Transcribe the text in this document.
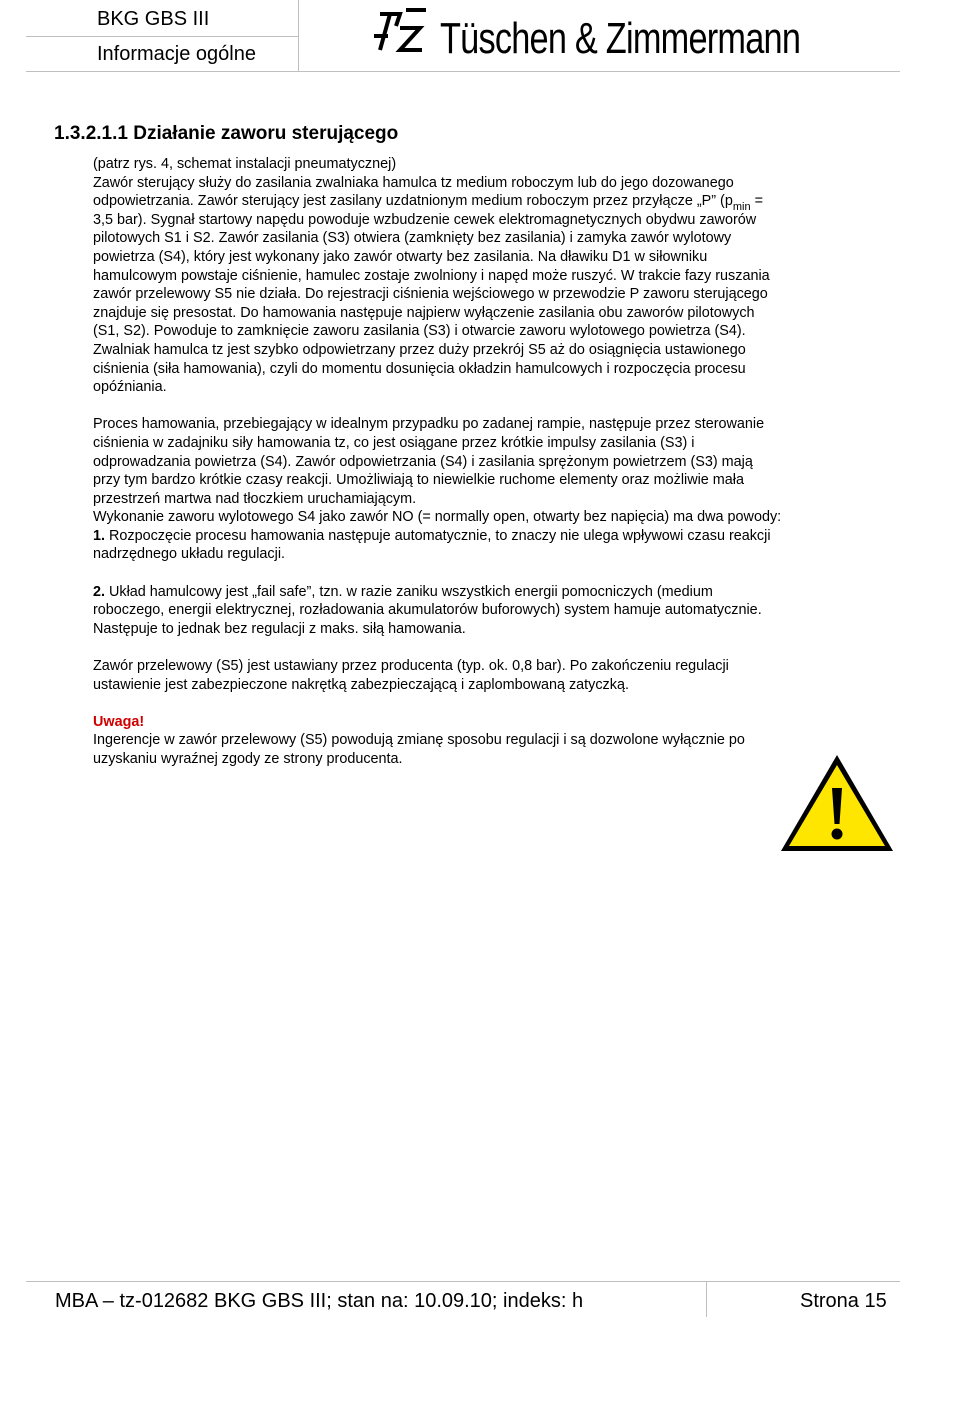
BKG GBS III
Informacje ogólne	Tüschen & Zimmermann
1.3.2.1.1 Działanie zaworu sterującego

(patrz rys. 4, schemat instalacji pneumatycznej)
Zawór sterujący służy do zasilania zwalniaka hamulca tz medium roboczym lub do jego dozowanego odpowietrzania. Zawór sterujący jest zasilany uzdatnionym medium roboczym przez przyłącze „P” ($p_{min} = 3,5$ bar). Sygnał startowy napędu powoduje wzbudzenie cewek elektromagnetycznych obydwu zaworów pilotowych S1 i S2. Zawór zasilania (S3) otwiera (zamknięty bez zasilania) i zamyka zawór wylotowy powietrza (S4), który jest wykonany jako zawór otwarty bez zasilania. Na dławiku D1 w siłowniku hamulcowym powstaje ciśnienie, hamulec zostaje zwolniony i napęd może ruszyć. W trakcie fazy ruszania zawór przelewowy S5 nie działa. Do rejestracji ciśnienia wejściowego w przewodzie P zaworu sterującego znajduje się presostat. Do hamowania następuje najpierw wyłączenie zasilania obu zaworów pilotowych (S1, S2). Powoduje to zamknięcie zaworu zasilania (S3) i otwarcie zaworu wylotowego powietrza (S4). Zwalniak hamulca tz jest szybko odpowietrzany przez duży przekrój S5 aż do osiągnięcia ustawionego ciśnienia (siła hamowania), czyli do momentu dosunięcia okładzin hamulcowych i rozpoczęcia procesu opóźniania.

Proces hamowania, przebiegający w idealnym przypadku po zadanej rampie, następuje przez sterowanie ciśnienia w zadajniku siły hamowania tz, co jest osiągane przez krótkie impulsy zasilania (S3) i odprowadzania powietrza (S4). Zawór odpowietrzania (S4) i zasilania sprężonym powietrzem (S3) mają przy tym bardzo krótkie czasy reakcji. Umożliwiają to niewielkie ruchome elementy oraz możliwie mała przestrzeń martwa nad tłoczkiem uruchamiającym.

Wykonanie zaworu wylotowego S4 jako zawór NO (= normally open, otwarty bez napięcia) ma dwa powody:

1. Rozpoczęcie procesu hamowania następuje automatycznie, to znaczy nie ulega wpływowi czasu reakcji nadrzędnego układu regulacji.

2. Układ hamulcowy jest „fail safe”, tzn. w razie zaniku wszystkich energii pomocniczych (medium roboczego, energii elektrycznej, rozładowania akumulatorów buforowych) system hamuje automatycznie. Następuje to jednak bez regulacji z maks. siłą hamowania.

Zawór przelewowy (S5) jest ustawiany przez producenta (typ. ok. 0,8 bar). Po zakończeniu regulacji ustawienie jest zabezpieczone nakrętką zabezpieczającą i zaplombowaną zatyczką.

Uwaga!

Ingerencje w zawór przelewowy (S5) powodują zmianę sposobu regulacji i są dozwolone wyłącznie po uzyskaniu wyraźnej zgody ze strony producenta.

MBA – tz-012682 BKG GBS III; stan na: 10.09.10; indeks: h	Strona 15
